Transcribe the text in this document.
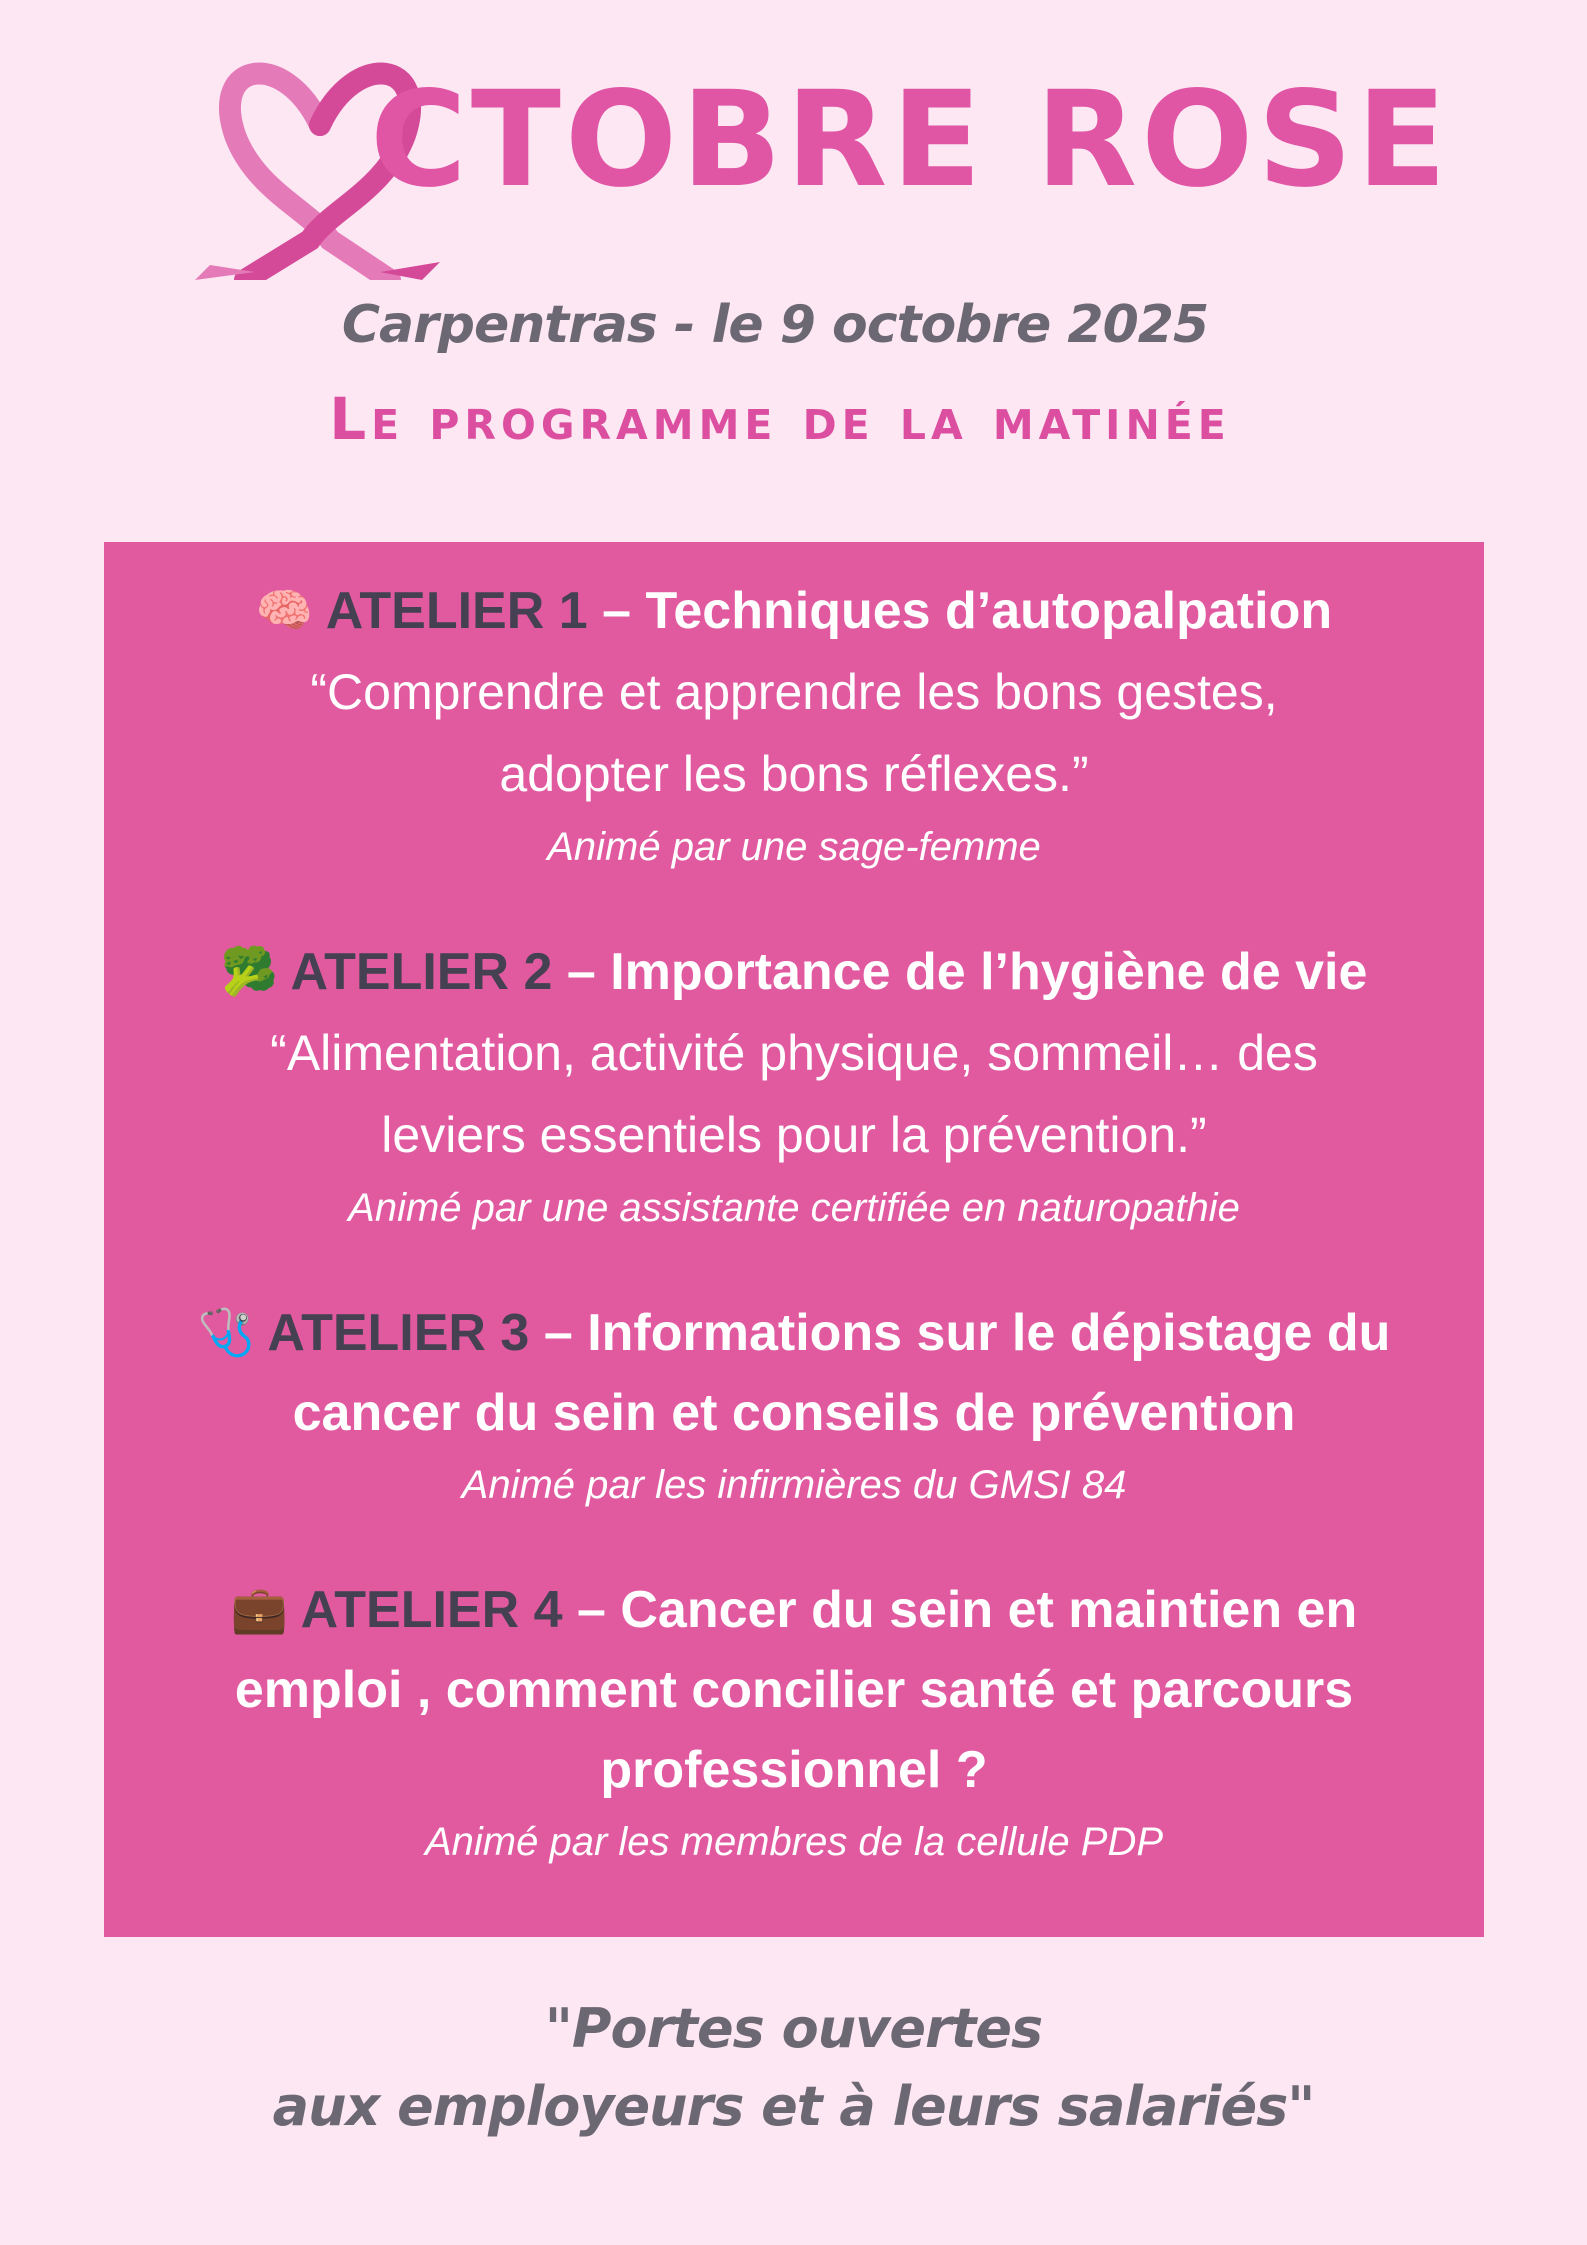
CTOBRE ROSE
Carpentras - le 9 octobre 2025
Le programme de la matinée

🧠 ATELIER 1 – Techniques d’autopalpation

“Comprendre et apprendre les bons gestes,

adopter les bons réflexes.”

Animé par une sage-femme

🥦 ATELIER 2 – Importance de l’hygiène de vie

“Alimentation, activité physique, sommeil… des

leviers essentiels pour la prévention.”

Animé par une assistante certifiée en naturopathie

🩺 ATELIER 3 – Informations sur le dépistage du

cancer du sein et conseils de prévention

Animé par les infirmières du GMSI 84

💼 ATELIER 4 – Cancer du sein et maintien en

emploi , comment concilier santé et parcours

professionnel ?

Animé par les membres de la cellule PDP

"Portes ouvertes
aux employeurs et à leurs salariés"
